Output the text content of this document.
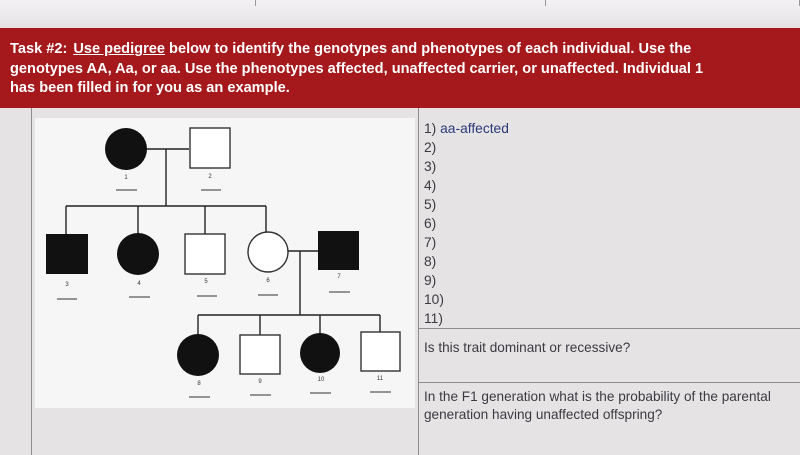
Task #2: Use pedigree below to identify the genotypes and phenotypes of each individual. Use the
genotypes AA, Aa, or aa. Use the phenotypes affected, unaffected carrier, or unaffected. Individual 1
has been filled in for you as an example.
1	2
3	4	5	6
7
8	9	10	11
1) aa-affected
2)
3)
4)
5)
6)
7)
8)
9)
10)
11)
Is this trait dominant or recessive?
In the F1 generation what is the probability of the parental generation having unaffected offspring?
